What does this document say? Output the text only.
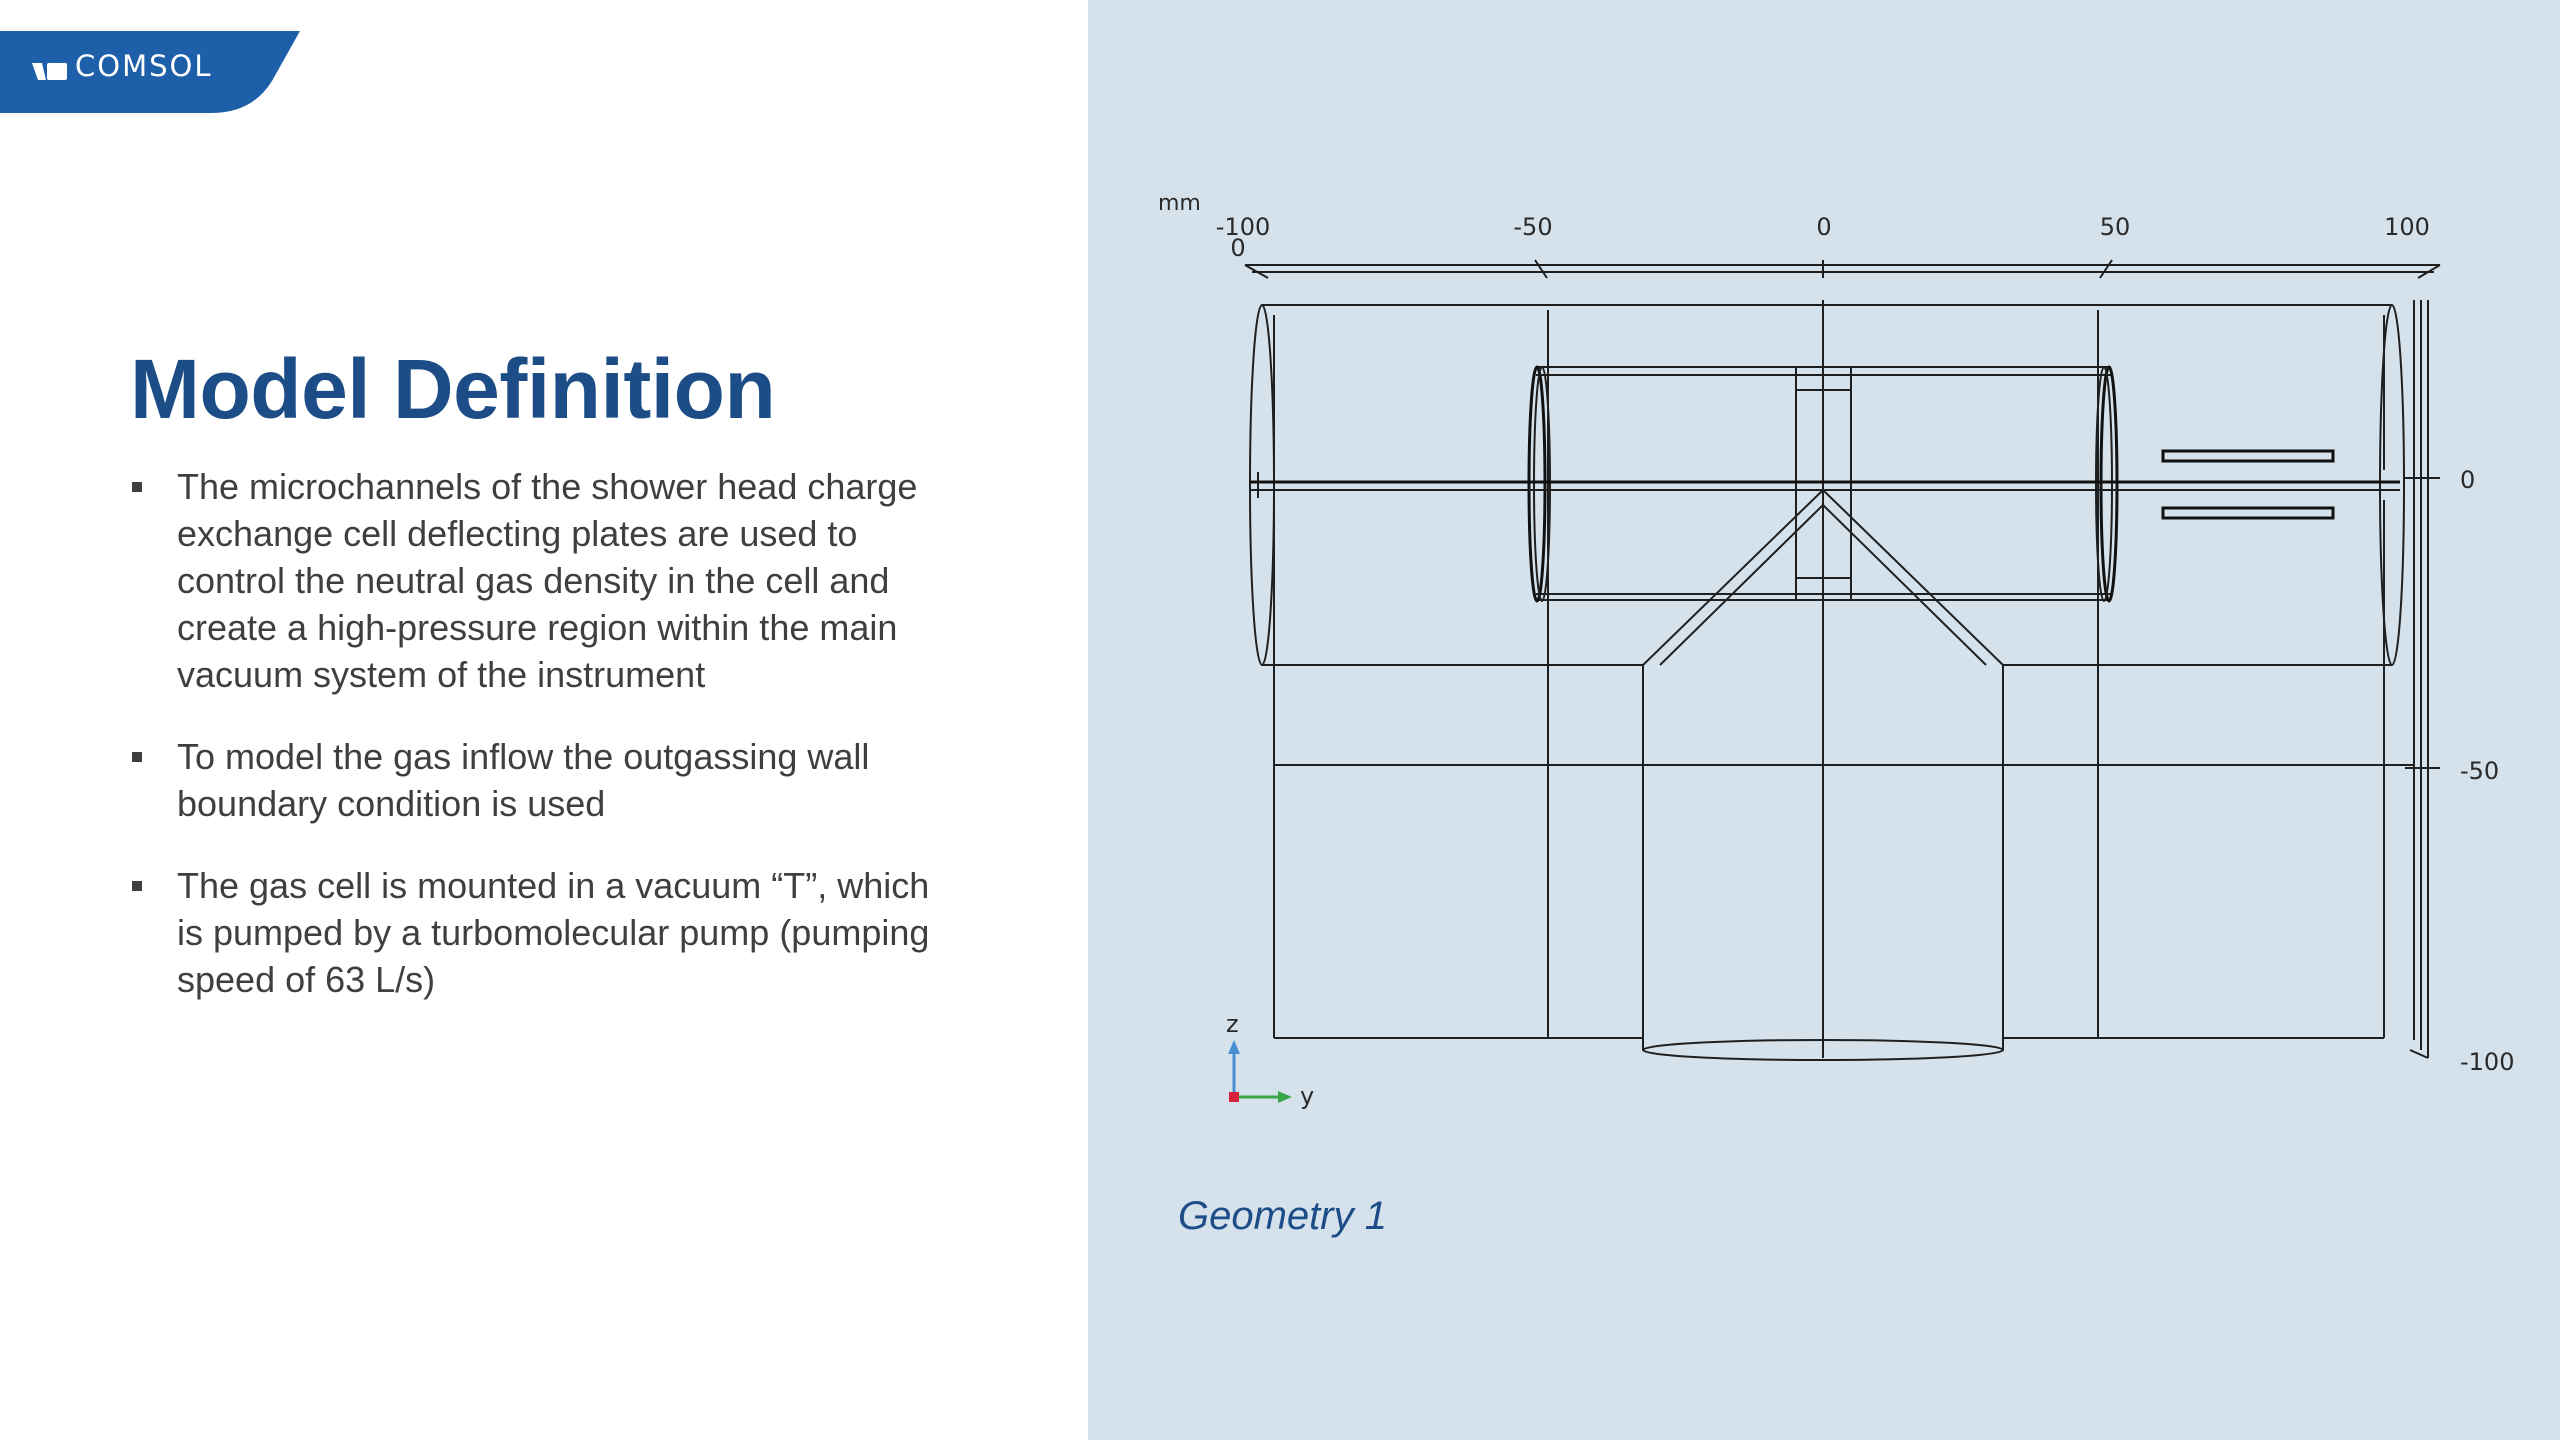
COMSOL
Model Definition
The microchannels of the shower head charge exchange cell deflecting plates are used to control the neutral gas density in the cell and create a high-pressure region within the main vacuum system of the instrument
To model the gas inflow the outgassing wall boundary condition is used
The gas cell is mounted in a vacuum “T”, which is pumped by a turbomolecular pump (pumping speed of 63 L/s)
mm
-100	-50	0	50	100
0
0
-50
-100
z
y
Geometry 1
